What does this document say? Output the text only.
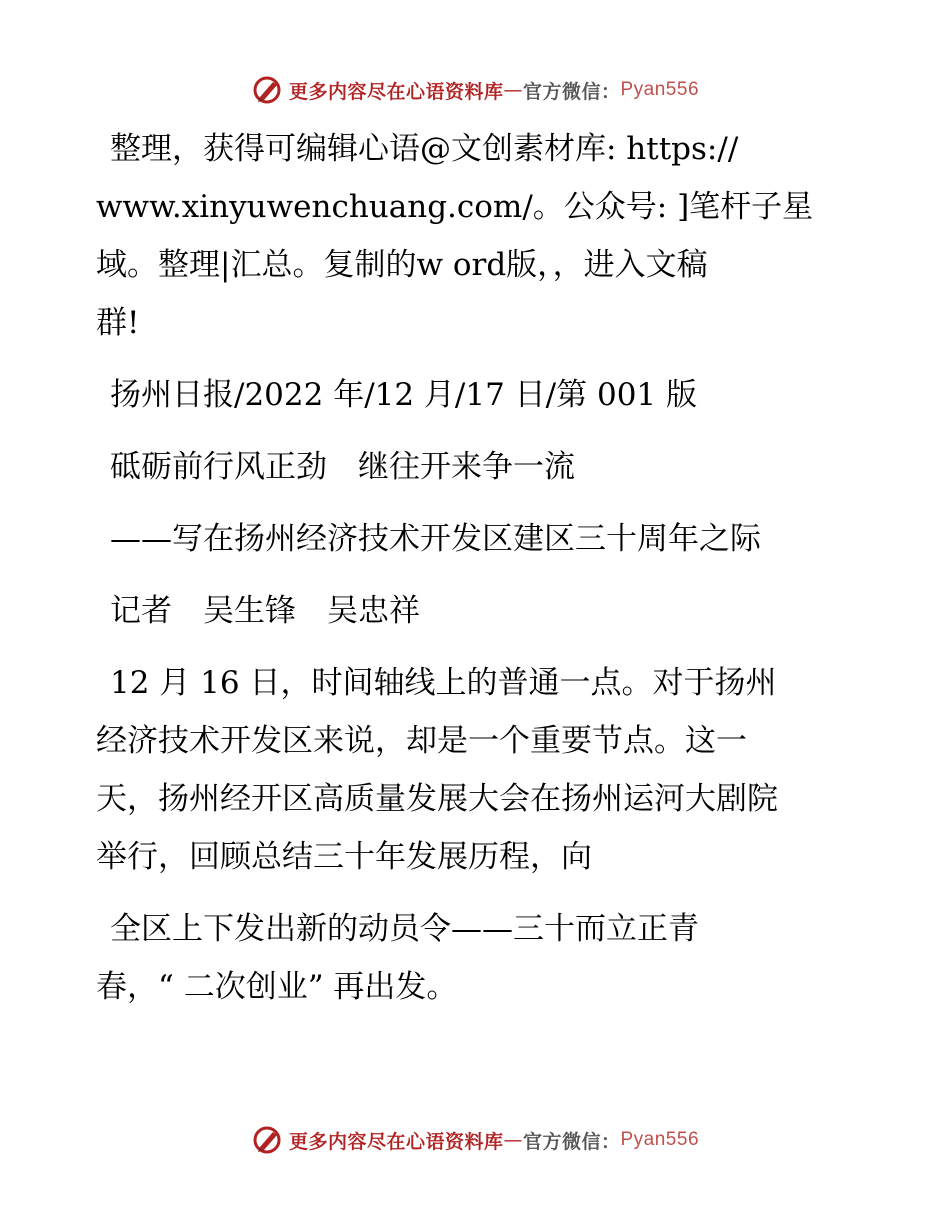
更多内容尽在心语资料库 — 官方微信： Pyan556

整理，获得可编辑心语@文创素材库: https://

www.xinyuwenchuang.com/。公众号: ]笔杆子星

域。整理|汇总。复制的w ord版，，进入文稿

群!

扬州日报/2022 年/12 月/17 日/第 001 版

砥砺前行风正劲　继往开来争一流

——写在扬州经济技术开发区建区三十周年之际

记者　吴生锋　吴忠祥

12 月 16 日，时间轴线上的普通一点。对于扬州

经济技术开发区来说，却是一个重要节点。这一

天，扬州经开区高质量发展大会在扬州运河大剧院

举行，回顾总结三十年发展历程，向

全区上下发出新的动员令——三十而立正青

春，“ 二次创业” 再出发。

更多内容尽在心语资料库 — 官方微信： Pyan556
